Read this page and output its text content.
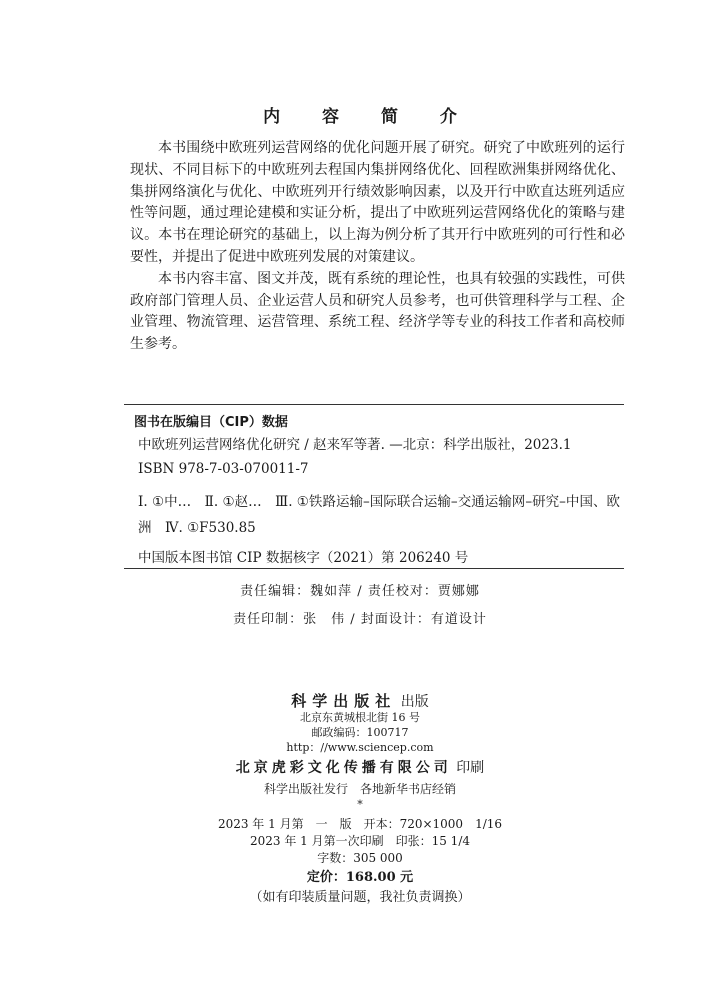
内 容 简 介

本书围绕中欧班列运营网络的优化问题开展了研究。研究了中欧班列的运行现状、不同目标下的中欧班列去程国内集拼网络优化、回程欧洲集拼网络优化、集拼网络演化与优化、中欧班列开行绩效影响因素，以及开行中欧直达班列适应性等问题，通过理论建模和实证分析，提出了中欧班列运营网络优化的策略与建议。本书在理论研究的基础上，以上海为例分析了其开行中欧班列的可行性和必要性，并提出了促进中欧班列发展的对策建议。

本书内容丰富、图文并茂，既有系统的理论性，也具有较强的实践性，可供政府部门管理人员、企业运营人员和研究人员参考，也可供管理科学与工程、企业管理、物流管理、运营管理、系统工程、经济学等专业的科技工作者和高校师生参考。

图书在版编目（CIP）数据
中欧班列运营网络优化研究 / 赵来军等著. —北京：科学出版社，2023.1
ISBN 978-7-03-070011-7
Ⅰ. ①中…　Ⅱ. ①赵…　Ⅲ. ①铁路运输–国际联合运输–交通运输网–研究–中国、欧洲　Ⅳ. ①F530.85
中国版本图书馆 CIP 数据核字（2021）第 206240 号
责任编辑：魏如萍 / 责任校对：贾娜娜
责任印制：张　伟 / 封面设计：有道设计
科学出版社 出版
北京东黄城根北街 16 号
邮政编码：100717
http：//www.sciencep.com
北京虎彩文化传播有限公司 印刷
科学出版社发行　各地新华书店经销
*
2023 年 1 月第　一　版　开本：720×1000　1/16
2023 年 1 月第一次印刷　印张：15 1/4
字数：305 000
定价：168.00 元
（如有印装质量问题，我社负责调换）
